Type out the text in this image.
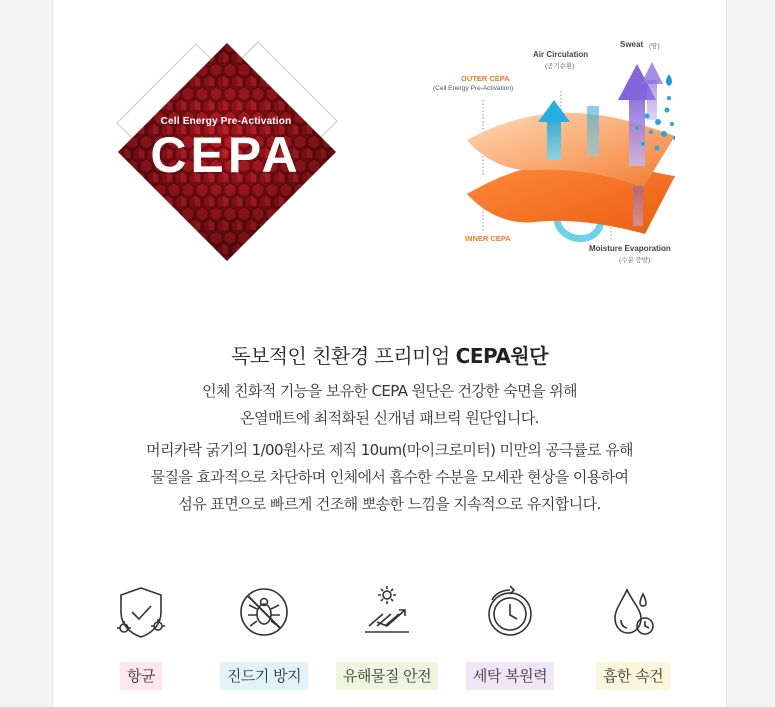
Cell Energy Pre-Activation
CEPA
Air Circulation
(공기순환)
Sweat (땀)
OUTER CEPA
(Cell Energy Pre-Activation)
INNER CEPA
Moisture Evaporation
(수분 증발)
독보적인 친환경 프리미엄 CEPA원단
인체 친화적 기능을 보유한 CEPA 원단은 건강한 숙면을 위해
온열매트에 최적화된 신개념 패브릭 원단입니다.
머리카락 굵기의 1/00원사로 제직 10um(마이크로미터) 미만의 공극률로 유해
물질을 효과적으로 차단하며 인체에서 흡수한 수분을 모세관 현상을 이용하여
섬유 표면으로 빠르게 건조해 뽀송한 느낌을 지속적으로 유지합니다.
항균	진드기 방지	유해물질 안전	세탁 복원력	흡한 속건
